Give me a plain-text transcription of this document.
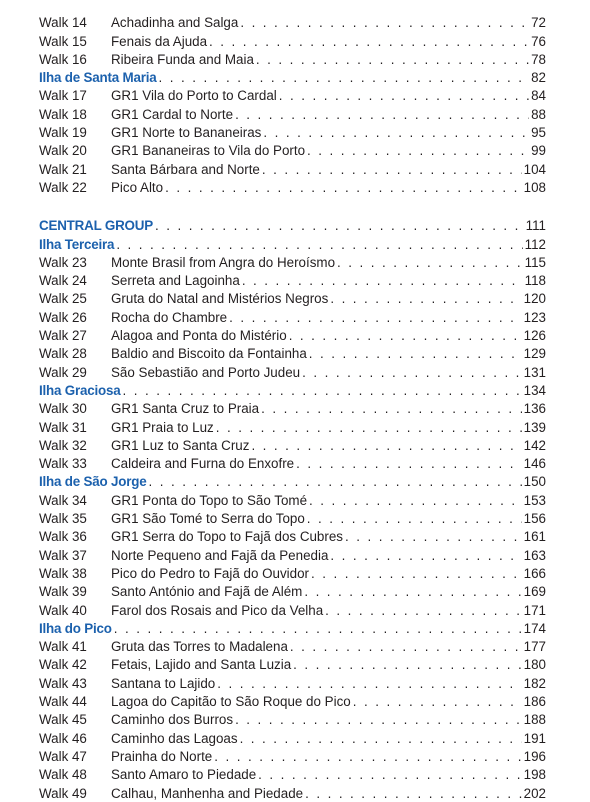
Walk 14	Achadinha and Salga . . .	72
Walk 15	Fenais da Ajuda . . .	76
Walk 16	Ribeira Funda and Maia . . .	78
Ilha de Santa Maria . . .	82
Walk 17	GR1 Vila do Porto to Cardal . . .	84
Walk 18	GR1 Cardal to Norte . . .	88
Walk 19	GR1 Norte to Bananeiras . . .	95
Walk 20	GR1 Bananeiras to Vila do Porto . . .	99
Walk 21	Santa Bárbara and Norte . . .	104
Walk 22	Pico Alto . . .	108
CENTRAL GROUP . . .	111
Ilha Terceira . . .	112
Walk 23	Monte Brasil from Angra do Heroísmo . . .	115
Walk 24	Serreta and Lagoinha . . .	118
Walk 25	Gruta do Natal and Mistérios Negros . . .	120
Walk 26	Rocha do Chambre . . .	123
Walk 27	Alagoa and Ponta do Mistério . . .	126
Walk 28	Baldio and Biscoito da Fontainha . . .	129
Walk 29	São Sebastião and Porto Judeu . . .	131
Ilha Graciosa . . .	134
Walk 30	GR1 Santa Cruz to Praia . . .	136
Walk 31	GR1 Praia to Luz . . .	139
Walk 32	GR1 Luz to Santa Cruz . . .	142
Walk 33	Caldeira and Furna do Enxofre . . .	146
Ilha de São Jorge . . .	150
Walk 34	GR1 Ponta do Topo to São Tomé . . .	153
Walk 35	GR1 São Tomé to Serra do Topo . . .	156
Walk 36	GR1 Serra do Topo to Fajã dos Cubres . . .	161
Walk 37	Norte Pequeno and Fajã da Penedia . . .	163
Walk 38	Pico do Pedro to Fajã do Ouvidor . . .	166
Walk 39	Santo António and Fajã de Além . . .	169
Walk 40	Farol dos Rosais and Pico da Velha . . .	171
Ilha do Pico . . .	174
Walk 41	Gruta das Torres to Madalena . . .	177
Walk 42	Fetais, Lajido and Santa Luzia . . .	180
Walk 43	Santana to Lajido . . .	182
Walk 44	Lagoa do Capitão to São Roque do Pico . . .	186
Walk 45	Caminho dos Burros . . .	188
Walk 46	Caminho das Lagoas . . .	191
Walk 47	Prainha do Norte . . .	196
Walk 48	Santo Amaro to Piedade . . .	198
Walk 49	Calhau, Manhenha and Piedade . . .	202
